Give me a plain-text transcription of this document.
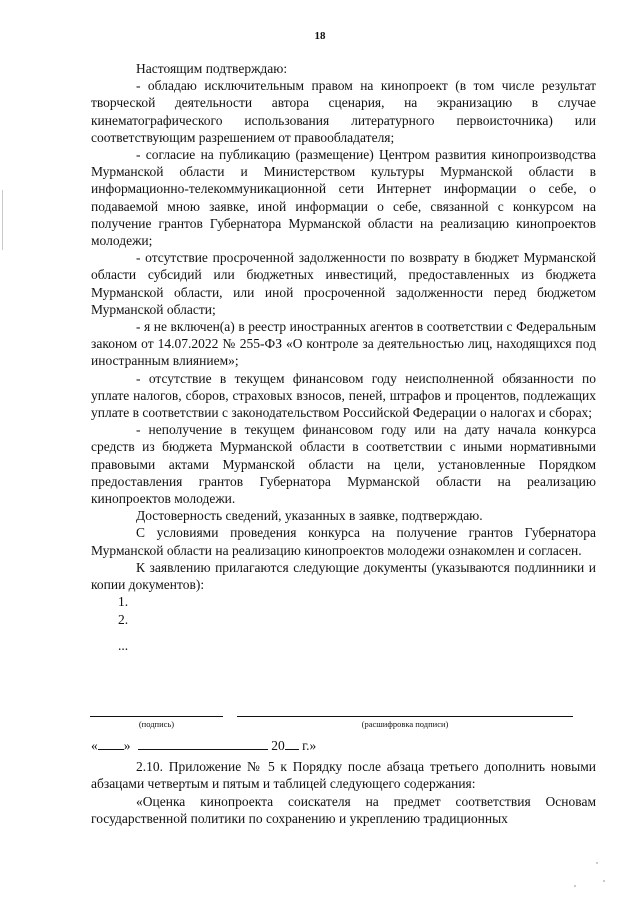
18

Настоящим подтверждаю:

- обладаю исключительным правом на кинопроект (в том числе результат творческой деятельности автора сценария, на экранизацию в случае кинематографического использования литературного первоисточника) или соответствующим разрешением от правообладателя;

- согласие на публикацию (размещение) Центром развития кинопроизводства Мурманской области и Министерством культуры Мурманской области в информационно-телекоммуникационной сети Интернет информации о себе, о подаваемой мною заявке, иной информации о себе, связанной с конкурсом на получение грантов Губернатора Мурманской области на реализацию кинопроектов молодежи;

- отсутствие просроченной задолженности по возврату в бюджет Мурманской области субсидий или бюджетных инвестиций, предоставленных из бюджета Мурманской области, или иной просроченной задолженности перед бюджетом Мурманской области;

- я не включен(а) в реестр иностранных агентов в соответствии с Федеральным законом от 14.07.2022 № 255-ФЗ «О контроле за деятельностью лиц, находящихся под иностранным влиянием»;

- отсутствие в текущем финансовом году неисполненной обязанности по уплате налогов, сборов, страховых взносов, пеней, штрафов и процентов, подлежащих уплате в соответствии с законодательством Российской Федерации о налогах и сборах;

- неполучение в текущем финансовом году или на дату начала конкурса средств из бюджета Мурманской области в соответствии с иными нормативными правовыми актами Мурманской области на цели, установленные Порядком предоставления грантов Губернатора Мурманской области на реализацию кинопроектов молодежи.

Достоверность сведений, указанных в заявке, подтверждаю.

С условиями проведения конкурса на получение грантов Губернатора Мурманской области на реализацию кинопроектов молодежи ознакомлен и согласен.

К заявлению прилагаются следующие документы (указываются подлинники и копии документов):

1.

2.

...

(подпись)	(расшифровка подписи)
« »	20 г.»

2.10. Приложение № 5 к Порядку после абзаца третьего дополнить новыми абзацами четвертым и пятым и таблицей следующего содержания:

«Оценка кинопроекта соискателя на предмет соответствия Основам государственной политики по сохранению и укреплению традиционных
